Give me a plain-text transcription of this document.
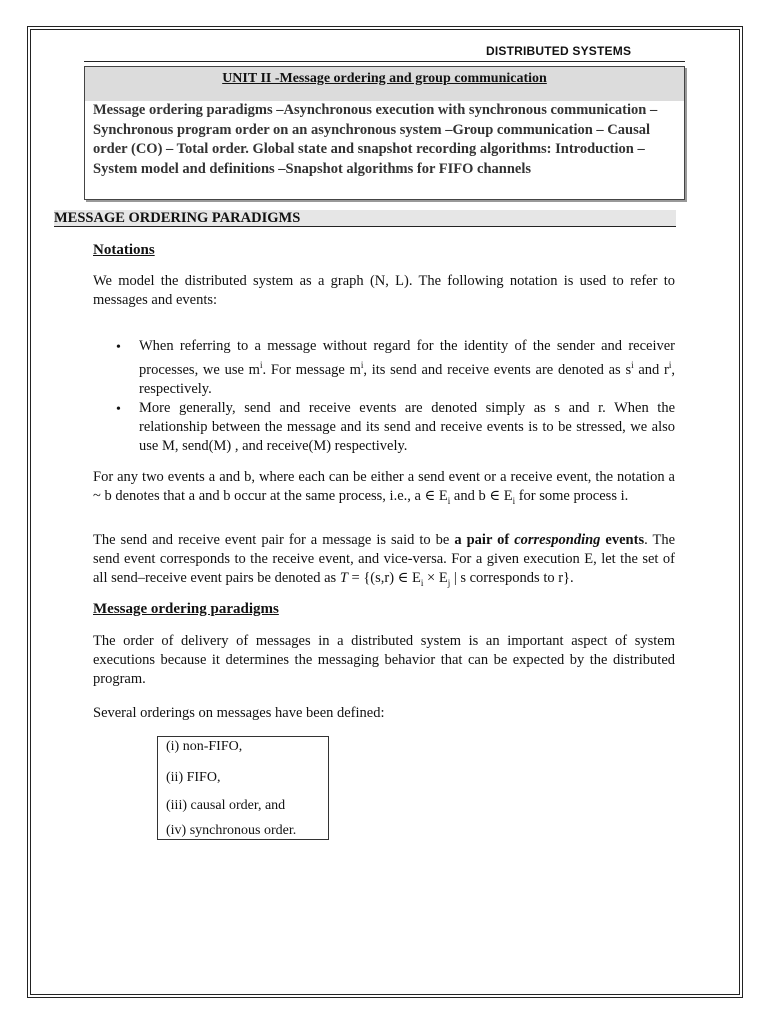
DISTRIBUTED SYSTEMS
UNIT II -Message ordering and group communication
Message ordering paradigms –Asynchronous execution with synchronous communication –Synchronous program order on an asynchronous system –Group communication – Causal order (CO) – Total order. Global state and snapshot recording algorithms: Introduction –System model and definitions –Snapshot algorithms for FIFO channels
MESSAGE ORDERING PARADIGMS
Notations
We model the distributed system as a graph (N, L). The following notation is used to refer to messages and events:
• When referring to a message without regard for the identity of the sender and receiver processes, we use $m^i$. For message $m^i$, its send and receive events are denoted as $s^i$ and $r^i$, respectively.
• More generally, send and receive events are denoted simply as s and r. When the relationship between the message and its send and receive events is to be stressed, we also use M, send(M) , and receive(M) respectively.
For any two events a and b, where each can be either a send event or a receive event, the notation a ~ b denotes that a and b occur at the same process, i.e., a ∈ $E_i$ and b ∈ $E_i$ for some process i.
The send and receive event pair for a message is said to be a pair of corresponding events. The send event corresponds to the receive event, and vice-versa. For a given execution E, let the set of all send–receive event pairs be denoted as T = {(s,r) ∈ $E_i \times E_j$ | s corresponds to r}.
Message ordering paradigms
The order of delivery of messages in a distributed system is an important aspect of system executions because it determines the messaging behavior that can be expected by the distributed program.
Several orderings on messages have been defined:
(i) non-FIFO,
(ii) FIFO,
(iii) causal order, and
(iv) synchronous order.
